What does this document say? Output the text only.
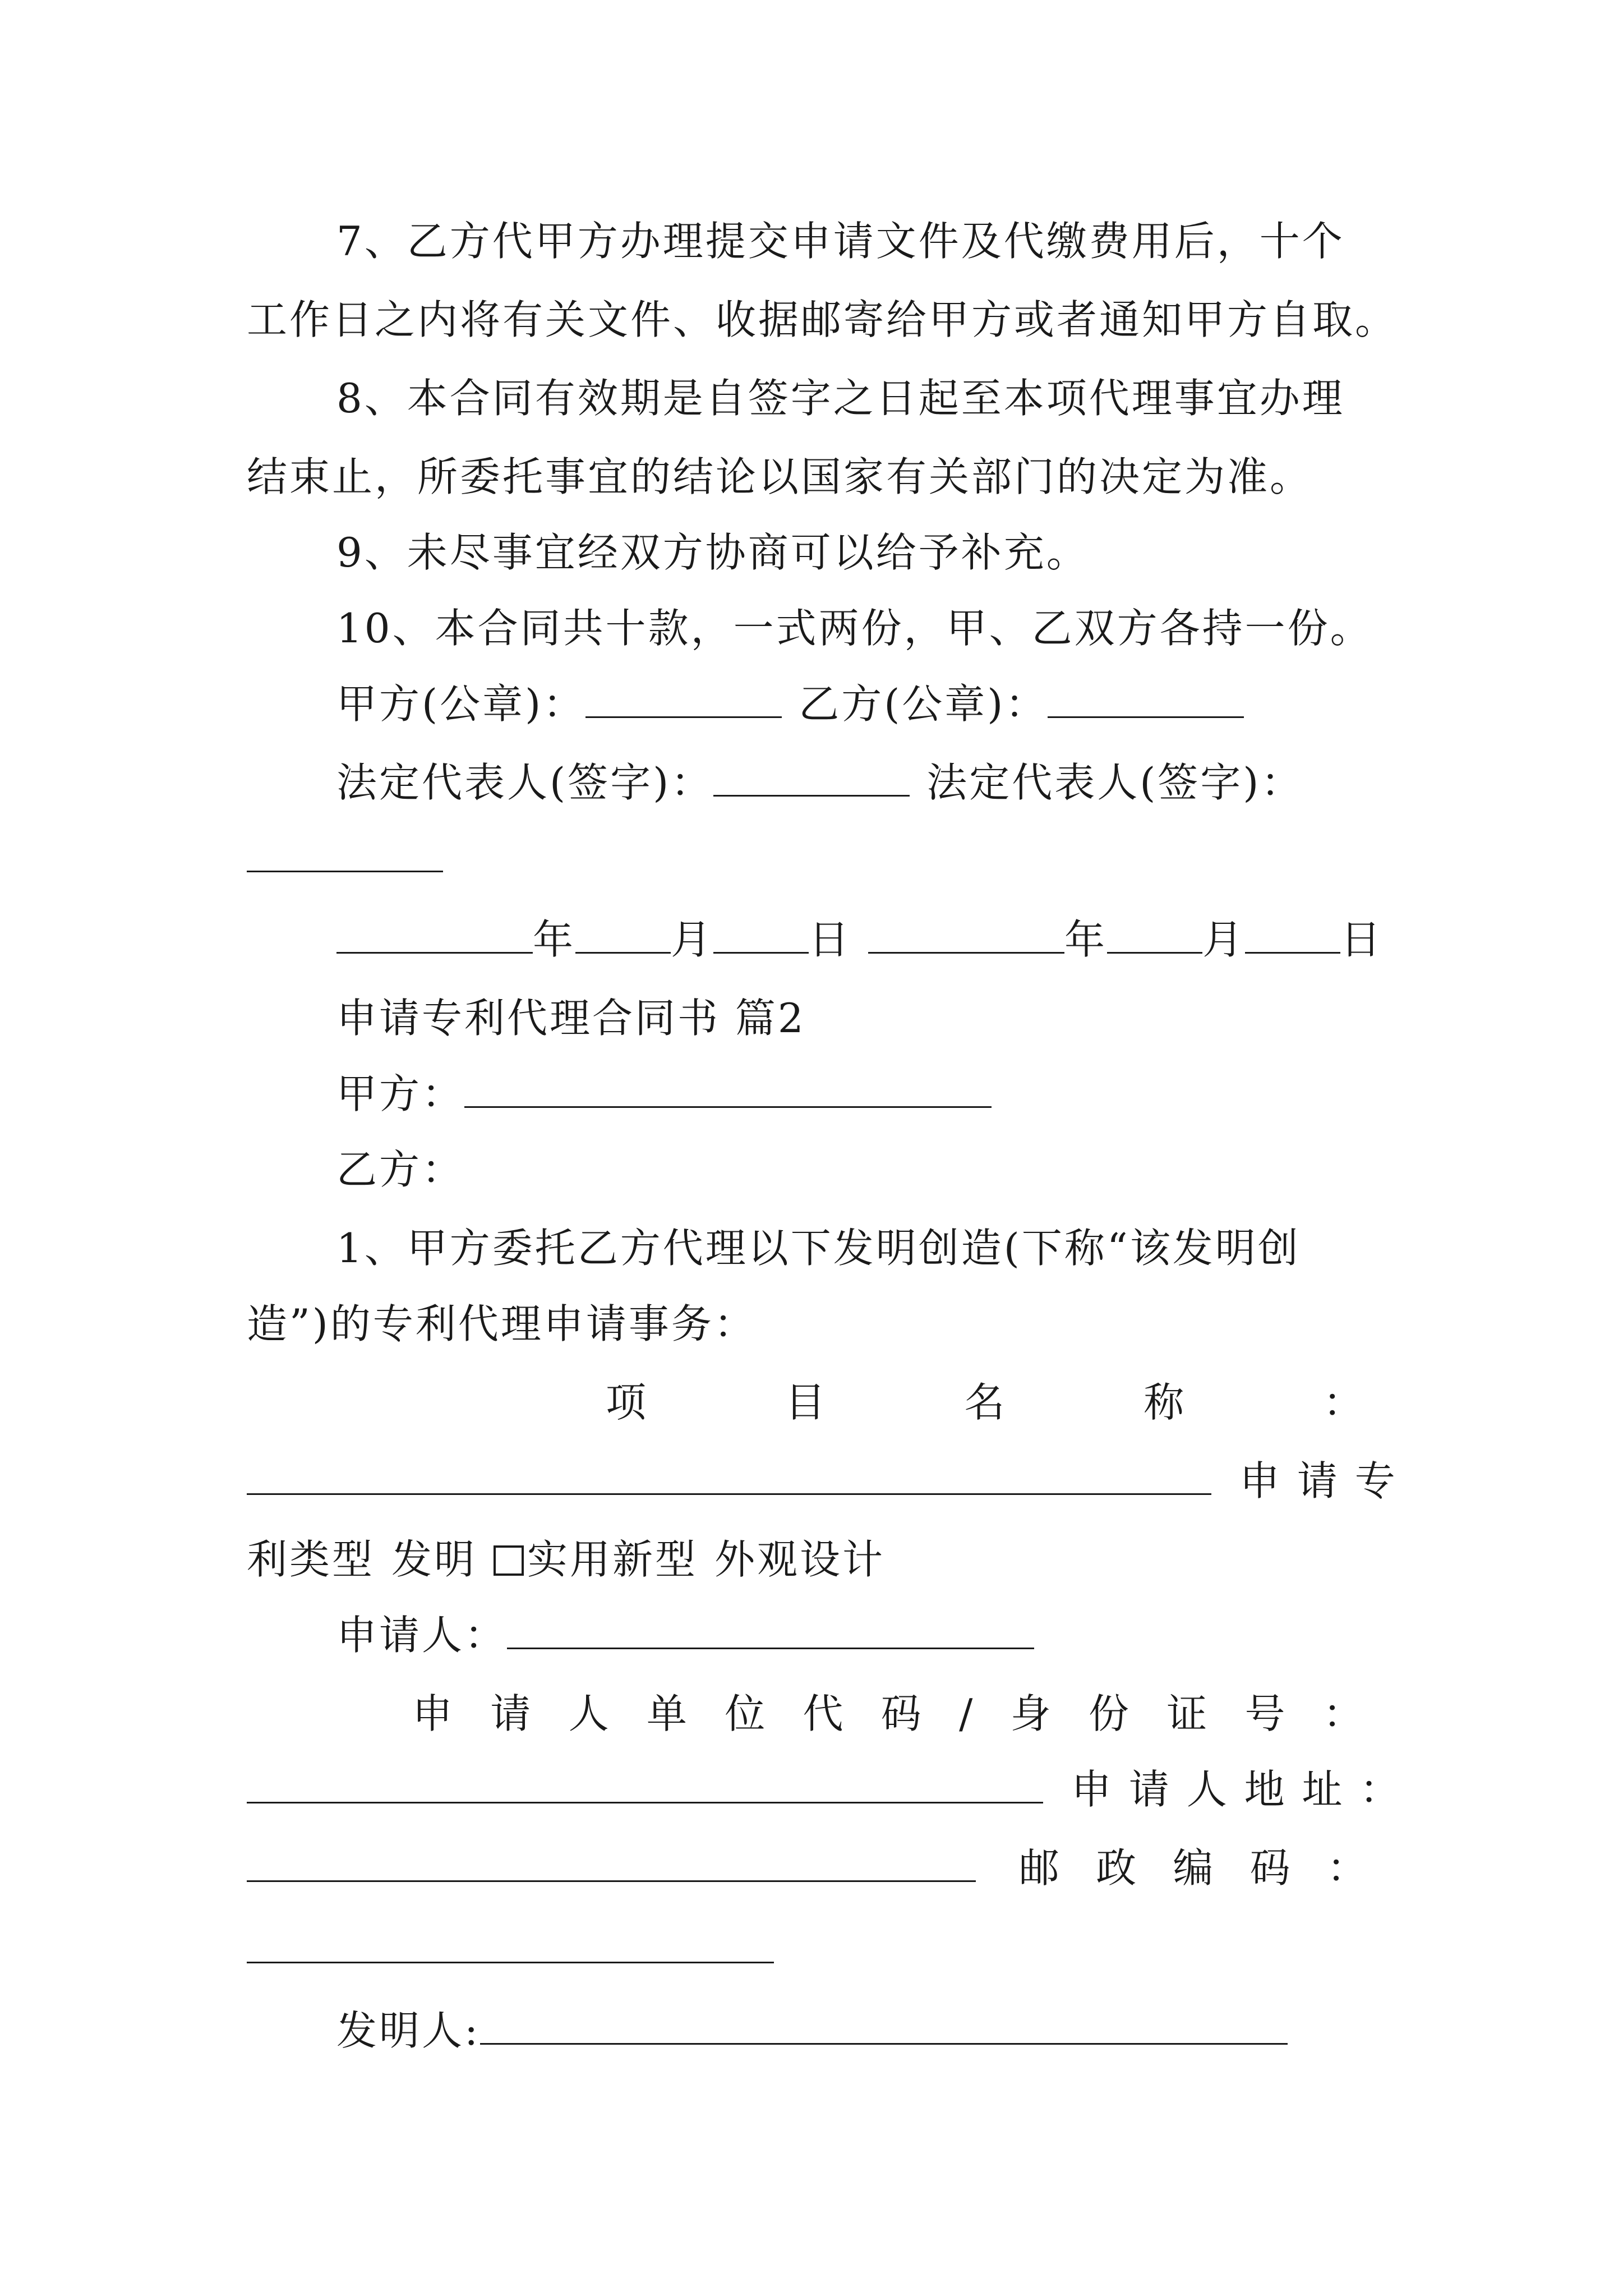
7、乙方代甲方办理提交申请文件及代缴费用后，十个
工作日之内将有关文件、收据邮寄给甲方或者通知甲方自取。
8、本合同有效期是自签字之日起至本项代理事宜办理
结束止，所委托事宜的结论以国家有关部门的决定为准。
9、未尽事宜经双方协商可以给予补充。
10、本合同共十款，一式两份，甲、乙双方各持一份。
甲方(公章)：	乙方(公章)：
法定代表人(签字)：	法定代表人(签字)：
年 月 日	年 月 日
申请专利代理合同书 篇2
甲方：
乙方：
1、甲方委托乙方代理以下发明创造(下称“该发明创
造”)的专利代理申请事务：
项	目	名	称	：
申 请 专
利类型 发明 实用新型 外观设计
申请人：
申 请 人 单 位 代 码 / 身 份 证 号 ：
申 请 人 地 址 ：

邮 政 编 码 ：
发明人:
